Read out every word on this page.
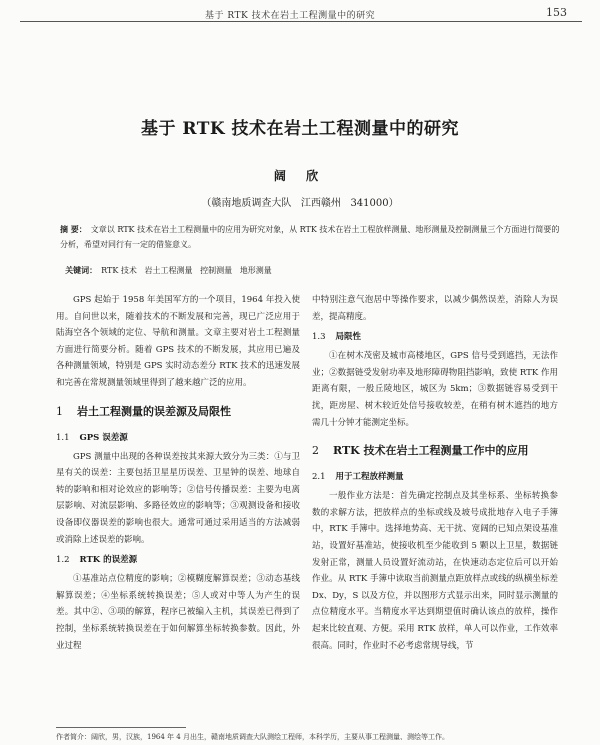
基于 RTK 技术在岩土工程测量中的研究	153
基于 RTK 技术在岩土工程测量中的研究
阔 欣
（赣南地质调查大队   江西赣州   341000）
摘 要： 文章以 RTK 技术在岩土工程测量中的应用为研究对象，从 RTK 技术在岩土工程放样测量、地形测量及控制测量三个方面进行简要的分析，希望对同行有一定的借鉴意义。

关键词： RTK 技术   岩土工程测量   控制测量   地形测量

GPS 起始于 1958 年美国军方的一个项目，1964 年投入使用。自问世以来，随着技术的不断发展和完善，现已广泛应用于陆海空各个领域的定位、导航和测量。文章主要对岩土工程测量方面进行简要分析。随着 GPS 技术的不断发展，其应用已遍及各种测量领域，特别是 GPS 实时动态差分 RTK 技术的迅速发展和完善在常规测量领域里得到了越来越广泛的应用。

1 岩土工程测量的误差源及局限性
1.1 GPS 误差源

GPS 测量中出现的各种误差按其来源大致分为三类：①与卫星有关的误差：主要包括卫星星历误差、卫星钟的误差、地球自转的影响和相对论效应的影响等；②信号传播误差：主要为电离层影响、对流层影响、多路径效应的影响等；③观测设备和接收设备即仪器误差的影响也很大。通常可通过采用适当的方法减弱或消除上述误差的影响。

1.2 RTK 的误差源

①基准站点位精度的影响；②模糊度解算误差；③动态基线解算误差；④坐标系统转换误差；⑤人或对中等人为产生的误差。其中②、③项的解算，程序已被编入主机，其误差已得到了控制，坐标系统转换误差在于如何解算坐标转换参数。因此，外业过程

中特别注意气泡居中等操作要求，以减少偶然误差，消除人为误差，提高精度。

1.3 局限性

①在树木茂密及城市高楼地区，GPS 信号受到遮挡，无法作业；②数据链受发射功率及地形障碍物阻挡影响，致使 RTK 作用距离有限，一般丘陵地区，城区为 5km；③数据链容易受到干扰，距房屋、树木较近处信号接收较差，在稍有树木遮挡的地方需几十分钟才能测定坐标。

2 RTK 技术在岩土工程测量工作中的应用
2.1 用于工程放样测量

一般作业方法是：首先确定控制点及其坐标系、坐标转换参数的求解方法，把放样点的坐标或线及坡号成批地存入电子手簿中，RTK 手簿中。选择地势高、无干扰、宽阔的已知点架设基准站，设置好基准站，使接收机至少能收到 5 颗以上卫星，数据链发射正常，测量人员设置好流动站，在快速动态定位后可以开始作业。从 RTK 手簿中读取当前测量点距放样点或线的纵横坐标差 Dx、Dy，S 以及方位，并以图形方式显示出来，同时显示测量的点位精度水平。当精度水平达到期望值时确认该点的放样，操作起来比较直观、方便。采用 RTK 放样，单人可以作业，工作效率很高。同时，作业时不必考虑常规导线，节

作者简介：阔欣，男，汉族，1964 年 4 月出生，赣南地质调查大队测绘工程师，本科学历，主要从事工程测量、测绘等工作。
